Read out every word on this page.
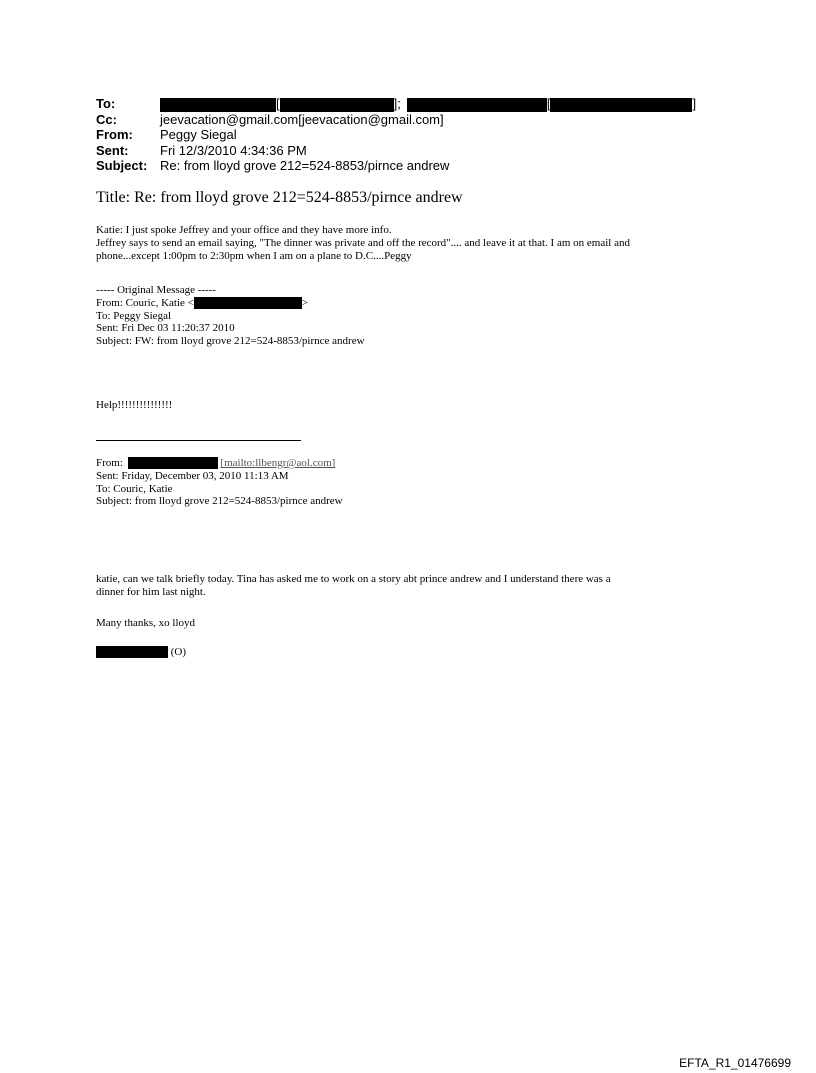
To:	[	];	[	]
Cc:	jeevacation@gmail.com[jeevacation@gmail.com]
From: Peggy Siegal
Sent: Fri 12/3/2010 4:34:36 PM
Subject: Re: from lloyd grove 212=524-8853/pirnce andrew
Title: Re: from lloyd grove 212=524-8853/pirnce andrew
Katie: I just spoke Jeffrey and your office and they have more info.
Jeffrey says to send an email saying, "The dinner was private and off the record".... and leave it at that. I am on email and
phone...except 1:00pm to 2:30pm when I am on a plane to D.C....Peggy
----- Original Message -----
From: Couric, Katie <	>
To: Peggy Siegal
Sent: Fri Dec 03 11:20:37 2010
Subject: FW: from lloyd grove 212=524-8853/pirnce andrew
Help!!!!!!!!!!!!!!!
From:	[mailto:llbengr@aol.com]
Sent: Friday, December 03, 2010 11:13 AM
To: Couric, Katie
Subject: from lloyd grove 212=524-8853/pirnce andrew
katie, can we talk briefly today. Tina has asked me to work on a story abt prince andrew and I understand there was a
dinner for him last night.
Many thanks, xo lloyd
(O)
EFTA_R1_01476699
